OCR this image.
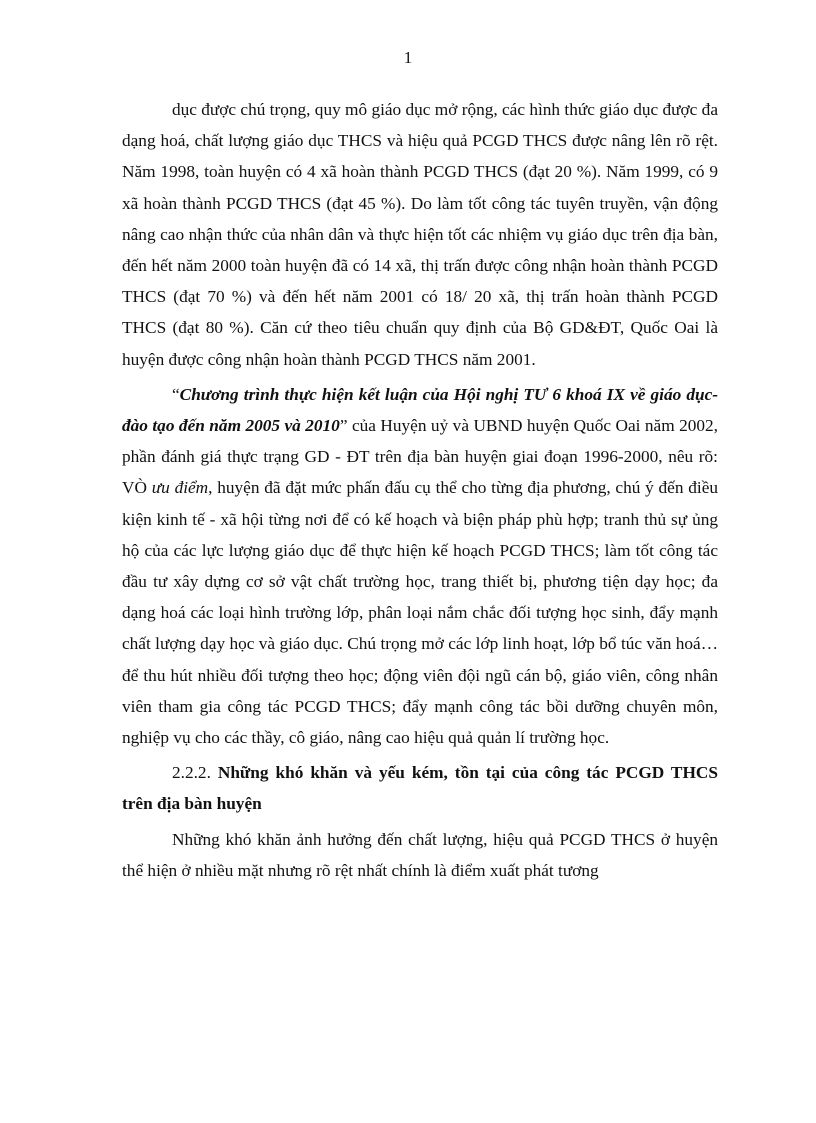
1

dục được chú trọng, quy mô giáo dục mở rộng, các hình thức giáo dục được đa dạng hoá, chất lượng giáo dục THCS và hiệu quả PCGD THCS được nâng lên rõ rệt. Năm 1998, toàn huyện có 4 xã hoàn thành PCGD THCS (đạt 20 %). Năm 1999, có 9 xã hoàn thành PCGD THCS (đạt 45 %). Do làm tốt công tác tuyên truyền, vận động nâng cao nhận thức của nhân dân và thực hiện tốt các nhiệm vụ giáo dục trên địa bàn, đến hết năm 2000 toàn huyện đã có 14 xã, thị trấn được công nhận hoàn thành PCGD THCS (đạt 70 %) và đến hết năm 2001 có 18/ 20 xã, thị trấn hoàn thành PCGD THCS (đạt 80 %). Căn cứ theo tiêu chuẩn quy định của Bộ GD&ĐT, Quốc Oai là huyện được công nhận hoàn thành PCGD THCS năm 2001.

“Chương trình thực hiện kết luận của Hội nghị TƯ 6 khoá IX về giáo dục- đào tạo đến năm 2005 và 2010” của Huyện uỷ và UBND huyện Quốc Oai năm 2002, phần đánh giá thực trạng GD - ĐT trên địa bàn huyện giai đoạn 1996-2000, nêu rõ: VÒ ưu điểm, huyện đã đặt mức phấn đấu cụ thể cho từng địa phương, chú ý đến điều kiện kinh tế - xã hội từng nơi để có kế hoạch và biện pháp phù hợp; tranh thủ sự ủng hộ của các lực lượng giáo dục để thực hiện kế hoạch PCGD THCS; làm tốt công tác đầu tư xây dựng cơ sở vật chất trường học, trang thiết bị, phương tiện dạy học; đa dạng hoá các loại hình trường lớp, phân loại nắm chắc đối tượng học sinh, đẩy mạnh chất lượng dạy học và giáo dục. Chú trọng mở các lớp linh hoạt, lớp bổ túc văn hoá… để thu hút nhiều đối tượng theo học; động viên đội ngũ cán bộ, giáo viên, công nhân viên tham gia công tác PCGD THCS; đẩy mạnh công tác bồi dưỡng chuyên môn, nghiệp vụ cho các thầy, cô giáo, nâng cao hiệu quả quản lí trường học.

2.2.2. Những khó khăn và yếu kém, tồn tại của công tác PCGD THCS trên địa bàn huyện

Những khó khăn ảnh hưởng đến chất lượng, hiệu quả PCGD THCS ở huyện thể hiện ở nhiều mặt nhưng rõ rệt nhất chính là điểm xuất phát tương
